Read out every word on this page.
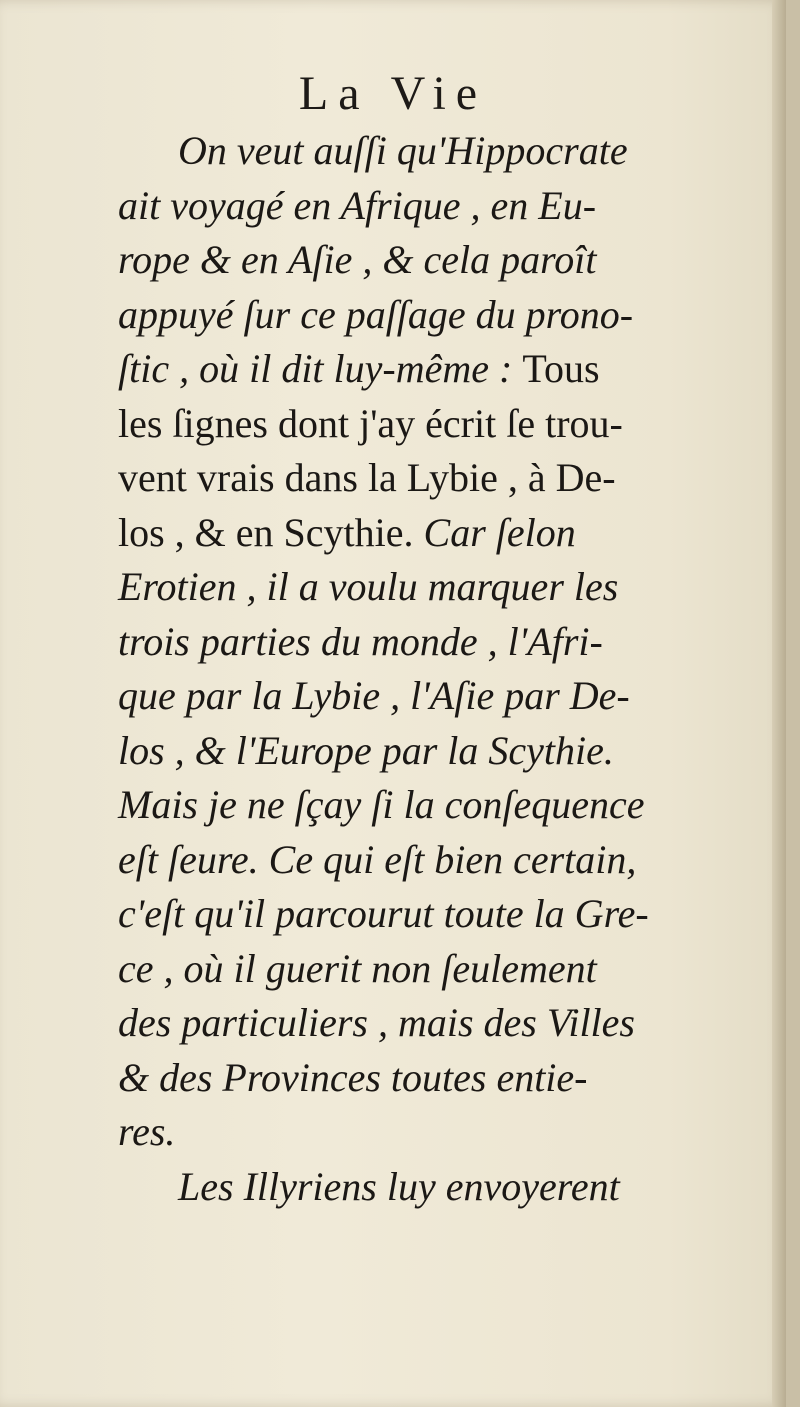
La Vie
On veut auſſi qu'Hippocrate
ait voyagé en Afrique , en Eu-
rope & en Aſie , & cela paroît
appuyé ſur ce paſſage du prono-
ſtic , où il dit luy-même : Tous
les ſignes dont j'ay écrit ſe trou-
vent vrais dans la Lybie , à De-
los , & en Scythie. Car ſelon
Erotien , il a voulu marquer les
trois parties du monde , l'Afri-
que par la Lybie , l'Aſie par De-
los , & l'Europe par la Scythie.
Mais je ne ſçay ſi la conſequence
eſt ſeure. Ce qui eſt bien certain,
c'eſt qu'il parcourut toute la Gre-
ce , où il guerit non ſeulement
des particuliers , mais des Villes
& des Provinces toutes entie-
res.
Les Illyriens luy envoyerent
